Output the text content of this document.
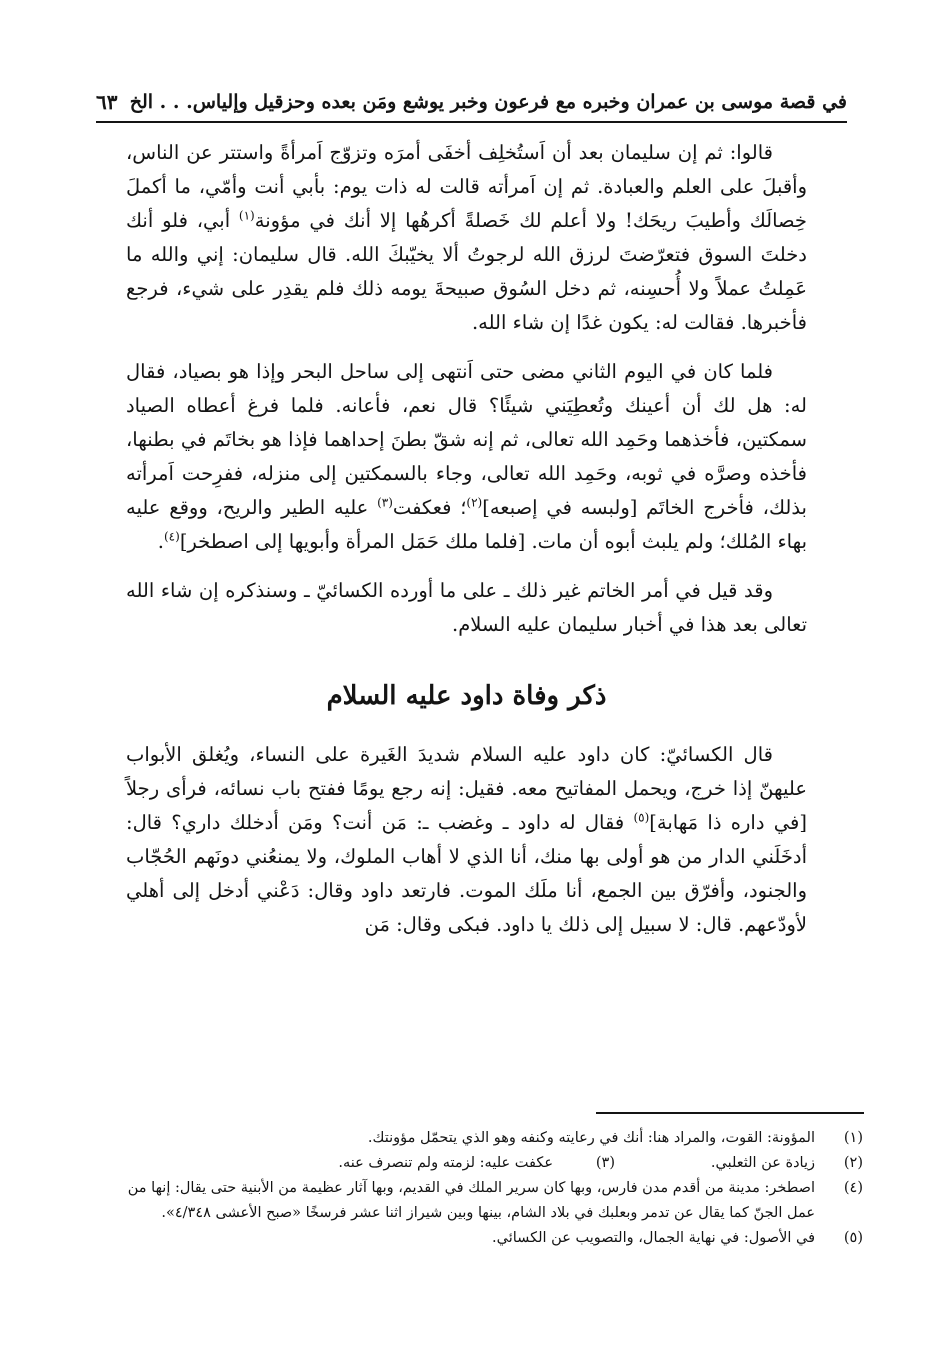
في قصة موسى بن عمران وخبره مع فرعون وخبر يوشع ومَن بعده وحزقيل وإلياس. . . الخ
٦٣

قالوا: ثم إن سليمان بعد أن اَستُخلِف أخفَى أمرَه وتزوّج اَمرأةً واستتر عن الناس، وأقبلَ على العلم والعبادة. ثم إن اَمرأته قالت له ذات يوم: بأبي أنت وأمّي، ما أكملَ خِصالَك وأطيبَ ريحَك! ولا أعلم لك خَصلةً أكرهُها إلا أنك في مؤونة$^{(١)}$ أبي، فلو أنك دخلتَ السوق فتعرّضتَ لرزق الله لرجوتُ ألا يخيّبكَ الله. قال سليمان: إني والله ما عَمِلتُ عملاً ولا أُحسِنه، ثم دخل السُوق صبيحةَ يومه ذلك فلم يقدِر على شيء، فرجع فأخبرها. فقالت له: يكون غدًا إن شاء الله.

فلما كان في اليوم الثاني مضى حتى اَنتهى إلى ساحل البحر وإذا هو بصياد، فقال له: هل لك أن أعينك وتُعطِيَني شيئًا؟ قال نعم، فأعانه. فلما فرغ أعطاه الصياد سمكتين، فأخذهما وحَمِد الله تعالى، ثم إنه شقّ بطنَ إحداهما فإذا هو بخاتَم في بطنها، فأخذه وصرَّه في ثوبه، وحَمِد الله تعالى، وجاء بالسمكتين إلى منزله، ففرِحت اَمرأته بذلك، فأخرج الخاتَم [ولبسه في إصبعه]$^{(٢)}$؛ فعكفت$^{(٣)}$ عليه الطير والريح، ووقع عليه بهاء المُلك؛ ولم يلبث أبوه أن مات. [فلما ملك حَمَل المرأة وأبويها إلى اصطخر]$^{(٤)}$.

وقد قيل في أمر الخاتم غير ذلك ـ على ما أورده الكسائيّ ـ وسنذكره إن شاء الله تعالى بعد هذا في أخبار سليمان عليه السلام.

ذكر وفاة داود عليه السلام

قال الكسائيّ: كان داود عليه السلام شديدَ الغَيرة على النساء، ويُغلق الأبواب عليهنّ إذا خرج، ويحمل المفاتيح معه. فقيل: إنه رجع يومًا ففتح باب نسائه، فرأى رجلاً [في داره ذا مَهابة]$^{(٥)}$ فقال له داود ـ وغضب ـ: مَن أنت؟ ومَن أدخلك داري؟ قال: أدخَلَني الدار من هو أولى بها منك، أنا الذي لا أهاب الملوك، ولا يمنعُني دونَهم الحُجّاب والجنود، وأفرّق بين الجمع، أنا ملَك الموت. فارتعد داود وقال: دَعْني أدخل إلى أهلي لأودّعهم. قال: لا سبيل إلى ذلك يا داود. فبكى وقال: مَن

(١)
المؤونة: القوت، والمراد هنا: أنك في رعايته وكنفه وهو الذي يتحمّل مؤونتك.
(٢)
زيادة عن الثعلبي.
(٣)
عكفت عليه: لزمته ولم تنصرف عنه.
(٤)
اصطخر: مدينة من أقدم مدن فارس، وبها كان سرير الملك في القديم، وبها آثار عظيمة من الأبنية حتى يقال: إنها من عمل الجنّ كما يقال عن تدمر وبعلبك في بلاد الشام، بينها وبين شيراز اثنا عشر فرسخًا «صبح الأعشى ٤/٣٤٨».
(٥)
في الأصول: في نهاية الجمال، والتصويب عن الكسائي.
